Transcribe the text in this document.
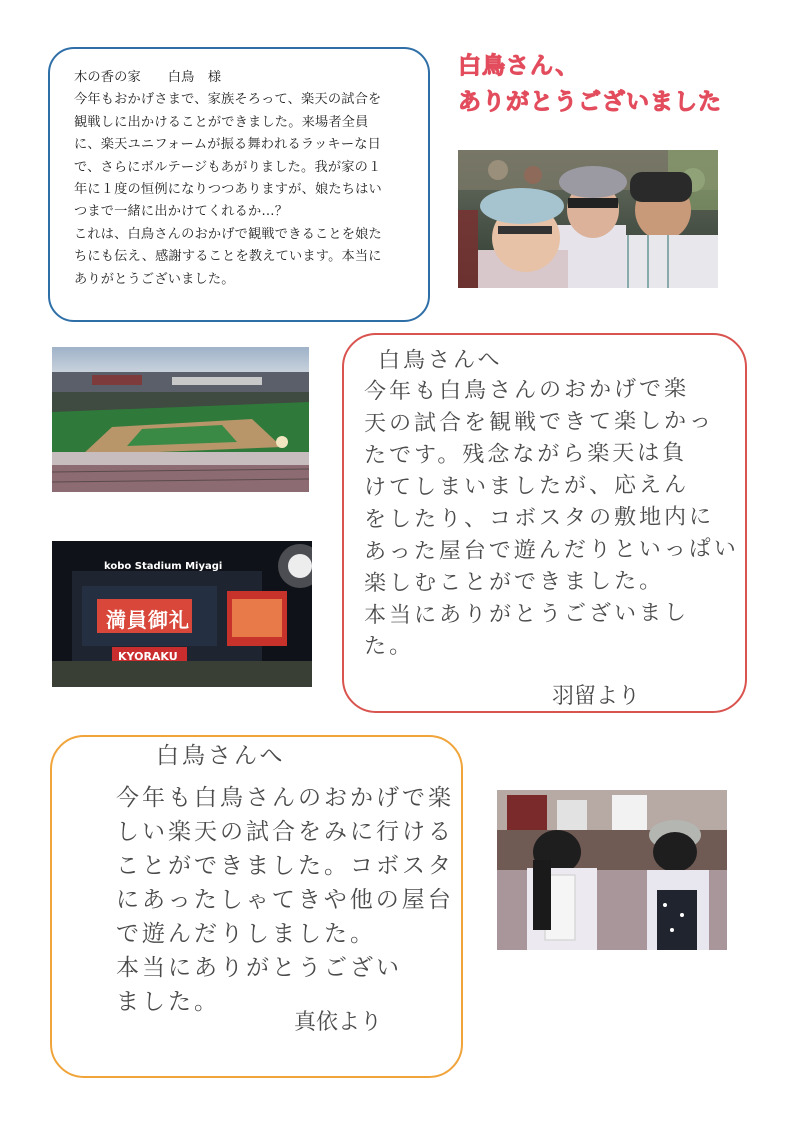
木の香の家　　白鳥　様

今年もおかげさまで、家族そろって、楽天の試合を

観戦しに出かけることができました。来場者全員

に、楽天ユニフォームが振る舞われるラッキーな日

で、さらにボルテージもあがりました。我が家の１

年に１度の恒例になりつつありますが、娘たちはい

つまで一緒に出かけてくれるか…？

これは、白鳥さんのおかげで観戦できることを娘た

ちにも伝え、感謝することを教えています。本当に

ありがとうございました。

白鳥さん、
ありがとうございました
kobo Stadium Miyagi
満員御礼
KYORAKU
白鳥さんへ
今年も白鳥さんのおかげで楽
天の試合を観戦できて楽しかっ
たです。残念ながら楽天は負
けてしまいましたが、応えん
をしたり、コボスタの敷地内に
あった屋台で遊んだりといっぱい
楽しむことができました。
本当にありがとうございまし
た。
羽留より
白鳥さんへ
今年も白鳥さんのおかげで楽
しい楽天の試合をみに行ける
ことができました。コボスタ
にあったしゃてきや他の屋台
で遊んだりしました。
本当にありがとうござい
ました。
真依より
